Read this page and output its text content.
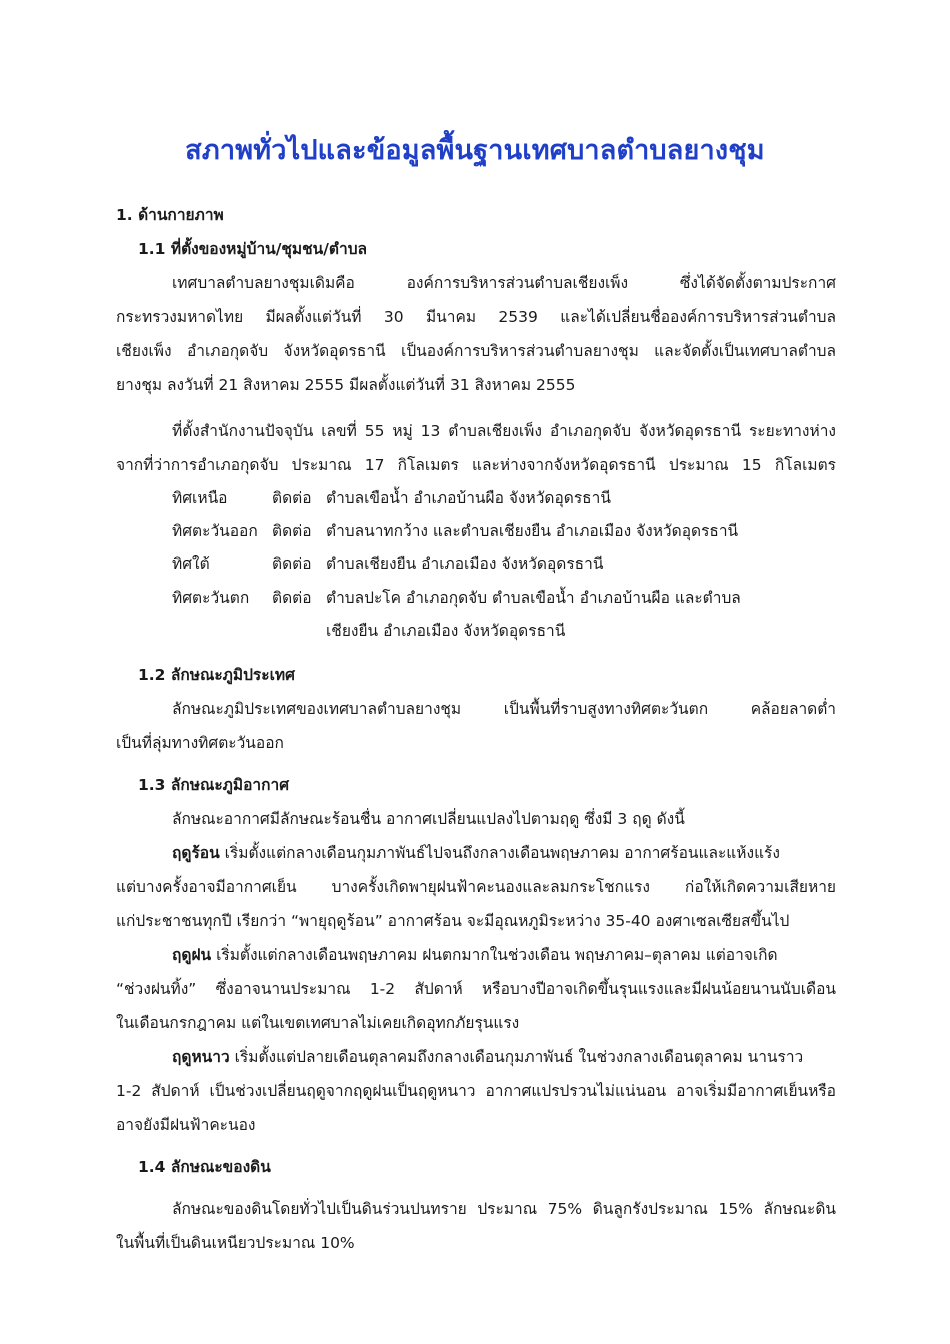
สภาพทั่วไปและข้อมูลพื้นฐานเทศบาลตำบลยางชุม
1. ด้านกายภาพ
1.1 ที่ตั้งของหมู่บ้าน/ชุมชน/ตำบล
เทศบาลตำบลยางชุมเดิมคือ องค์การบริหารส่วนตำบลเชียงเพ็ง ซึ่งได้จัดตั้งตามประกาศ
กระทรวงมหาดไทย มีผลตั้งแต่วันที่ 30 มีนาคม 2539 และได้เปลี่ยนชื่อองค์การบริหารส่วนตำบล
เชียงเพ็ง อำเภอกุดจับ จังหวัดอุดรธานี เป็นองค์การบริหารส่วนตำบลยางชุม และจัดตั้งเป็นเทศบาลตำบล
ยางชุม ลงวันที่ 21 สิงหาคม 2555 มีผลตั้งแต่วันที่ 31 สิงหาคม 2555
ที่ตั้งสำนักงานปัจจุบัน เลขที่ 55 หมู่ 13 ตำบลเชียงเพ็ง อำเภอกุดจับ จังหวัดอุดรธานี ระยะทางห่าง
จากที่ว่าการอำเภอกุดจับ ประมาณ 17 กิโลเมตร และห่างจากจังหวัดอุดรธานี ประมาณ 15 กิโลเมตร
ทิศเหนือ	ติดต่อ ตำบลเขือน้ำ อำเภอบ้านผือ จังหวัดอุดรธานี
ทิศตะวันออก ติดต่อ ตำบลนาทกว้าง และตำบลเชียงยืน อำเภอเมือง จังหวัดอุดรธานี
ทิศใต้	ติดต่อ ตำบลเชียงยืน อำเภอเมือง จังหวัดอุดรธานี
ทิศตะวันตก	ติดต่อ ตำบลปะโค อำเภอกุดจับ ตำบลเขือน้ำ อำเภอบ้านผือ และตำบล
เชียงยืน อำเภอเมือง จังหวัดอุดรธานี
1.2 ลักษณะภูมิประเทศ
ลักษณะภูมิประเทศของเทศบาลตำบลยางชุม เป็นพื้นที่ราบสูงทางทิศตะวันตก คล้อยลาดต่ำ
เป็นที่ลุ่มทางทิศตะวันออก
1.3 ลักษณะภูมิอากาศ
ลักษณะอากาศมีลักษณะร้อนชื่น อากาศเปลี่ยนแปลงไปตามฤดู ซึ่งมี 3 ฤดู ดังนี้
ฤดูร้อน เริ่มตั้งแต่กลางเดือนกุมภาพันธ์ไปจนถึงกลางเดือนพฤษภาคม อากาศร้อนและแห้งแร้ง
แต่บางครั้งอาจมีอากาศเย็น บางครั้งเกิดพายุฝนฟ้าคะนองและลมกระโชกแรง ก่อให้เกิดความเสียหาย
แก่ประชาชนทุกปี เรียกว่า “พายุฤดูร้อน” อากาศร้อน จะมีอุณหภูมิระหว่าง 35-40 องศาเซลเซียสขึ้นไป
ฤดูฝน เริ่มตั้งแต่กลางเดือนพฤษภาคม ฝนตกมากในช่วงเดือน พฤษภาคม–ตุลาคม แต่อาจเกิด
“ช่วงฝนทิ้ง” ซึ่งอาจนานประมาณ 1-2 สัปดาห์ หรือบางปีอาจเกิดขึ้นรุนแรงและมีฝนน้อยนานนับเดือน
ในเดือนกรกฎาคม แต่ในเขตเทศบาลไม่เคยเกิดอุทกภัยรุนแรง
ฤดูหนาว เริ่มตั้งแต่ปลายเดือนตุลาคมถึงกลางเดือนกุมภาพันธ์ ในช่วงกลางเดือนตุลาคม นานราว
1-2 สัปดาห์ เป็นช่วงเปลี่ยนฤดูจากฤดูฝนเป็นฤดูหนาว อากาศแปรปรวนไม่แน่นอน อาจเริ่มมีอากาศเย็นหรือ
อาจยังมีฝนฟ้าคะนอง
1.4 ลักษณะของดิน
ลักษณะของดินโดยทั่วไปเป็นดินร่วนปนทราย ประมาณ 75% ดินลูกรังประมาณ 15% ลักษณะดิน
ในพื้นที่เป็นดินเหนียวประมาณ 10%
